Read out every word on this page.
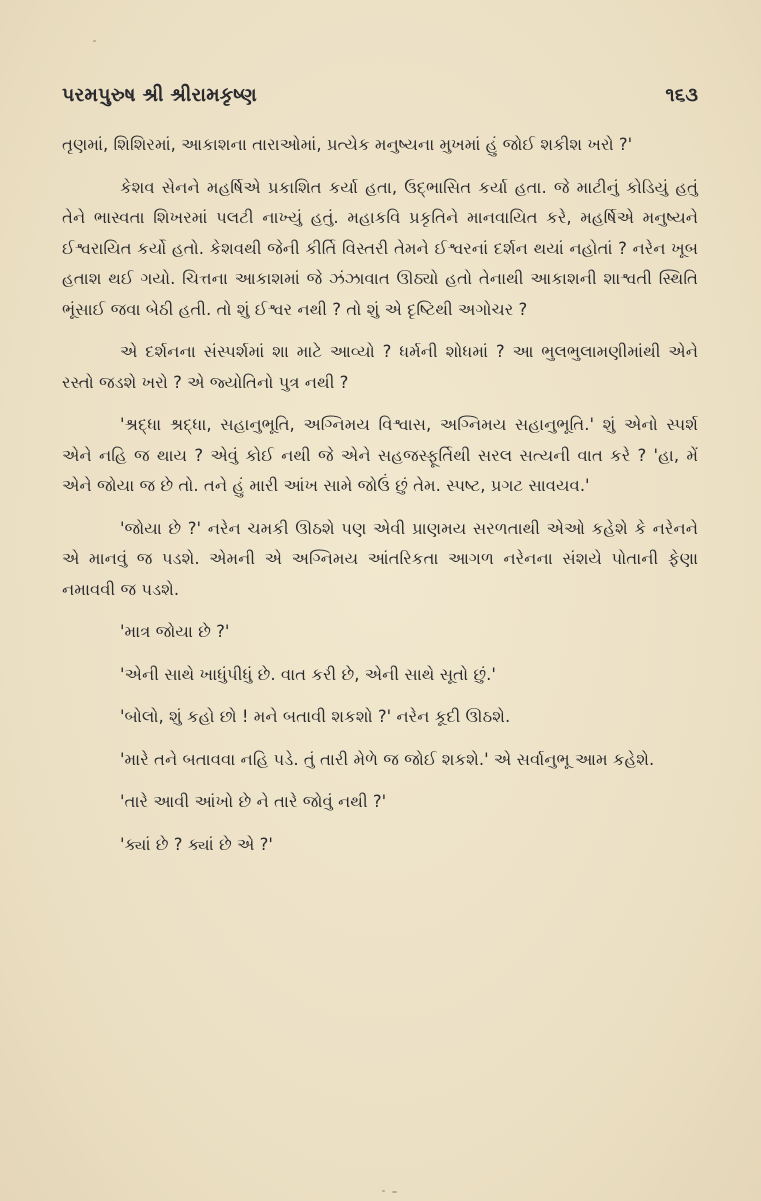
પરમપુરુષ શ્રી શ્રીરામકૃષ્ણ	૧૬૩

તૃણમાં, શિશિરમાં, આકાશના તારાઓમાં, પ્રત્યેક મનુષ્યના મુખમાં હું જોઈ શકીશ ખરો ?'

કેશવ સેનને મહર્ષિએ પ્રકાશિત કર્યા હતા, ઉદ્ભાસિત કર્યા હતા. જે માટીનું કોડિયું હતું તેને ભાસ્વતા શિખરમાં પલટી નાખ્યું હતું. મહાકવિ પ્રકૃતિને માનવાયિત કરે, મહર્ષિએ મનુષ્યને ઈશ્વરાયિત કર્યો હતો. કેશવથી જેની કીર્તિ વિસ્તરી તેમને ઈશ્વરનાં દર્શન થયાં નહોતાં ? નરેન ખૂબ હતાશ થઈ ગયો. ચિત્તના આકાશમાં જે ઝંઝાવાત ઊઠ્યો હતો તેનાથી આકાશની શાશ્વતી સ્થિતિ ભૂંસાઈ જવા બેઠી હતી. તો શું ઈશ્વર નથી ? તો શું એ દૃષ્ટિથી અગોચર ?

એ દર્શનના સંસ્પર્શમાં શા માટે આવ્યો ? ધર્મની શોધમાં ? આ ભુલભુલામણીમાંથી એને રસ્તો જડશે ખરો ? એ જ્યોતિનો પુત્ર નથી ?

'શ્રદ્ધા શ્રદ્ધા, સહાનુભૂતિ, અગ્નિમય વિશ્વાસ, અગ્નિમય સહાનુભૂતિ.' શું એનો સ્પર્શ એને નહિ જ થાય ? એવું કોઈ નથી જે એને સહજસ્ફૂર્તિથી સરલ સત્યની વાત કરે ? 'હા, મેં એને જોયા જ છે તો. તને હું મારી આંખ સામે જોઉં છું તેમ. સ્પષ્ટ, પ્રગટ સાવયવ.'

'જોયા છે ?' નરેન ચમકી ઊઠશે પણ એવી પ્રાણમય સરળતાથી એઓ કહેશે કે નરેનને એ માનવું જ પડશે. એમની એ અગ્નિમય આંતરિકતા આગળ નરેનના સંશયે પોતાની ફેણા નમાવવી જ પડશે.

'માત્ર જોયા છે ?'

'એની સાથે ખાધુંપીધું છે. વાત કરી છે, એની સાથે સૂતો છું.'

'બોલો, શું કહો છો ! મને બતાવી શકશો ?' નરેન કૂદી ઊઠશે.

'મારે તને બતાવવા નહિ પડે. તું તારી મેળે જ જોઈ શકશે.' એ સર્વાનુભૂ આમ કહેશે.

'તારે આવી આંખો છે ને તારે જોવું નથી ?'

'ક્યાં છે ? ક્યાં છે એ ?'
